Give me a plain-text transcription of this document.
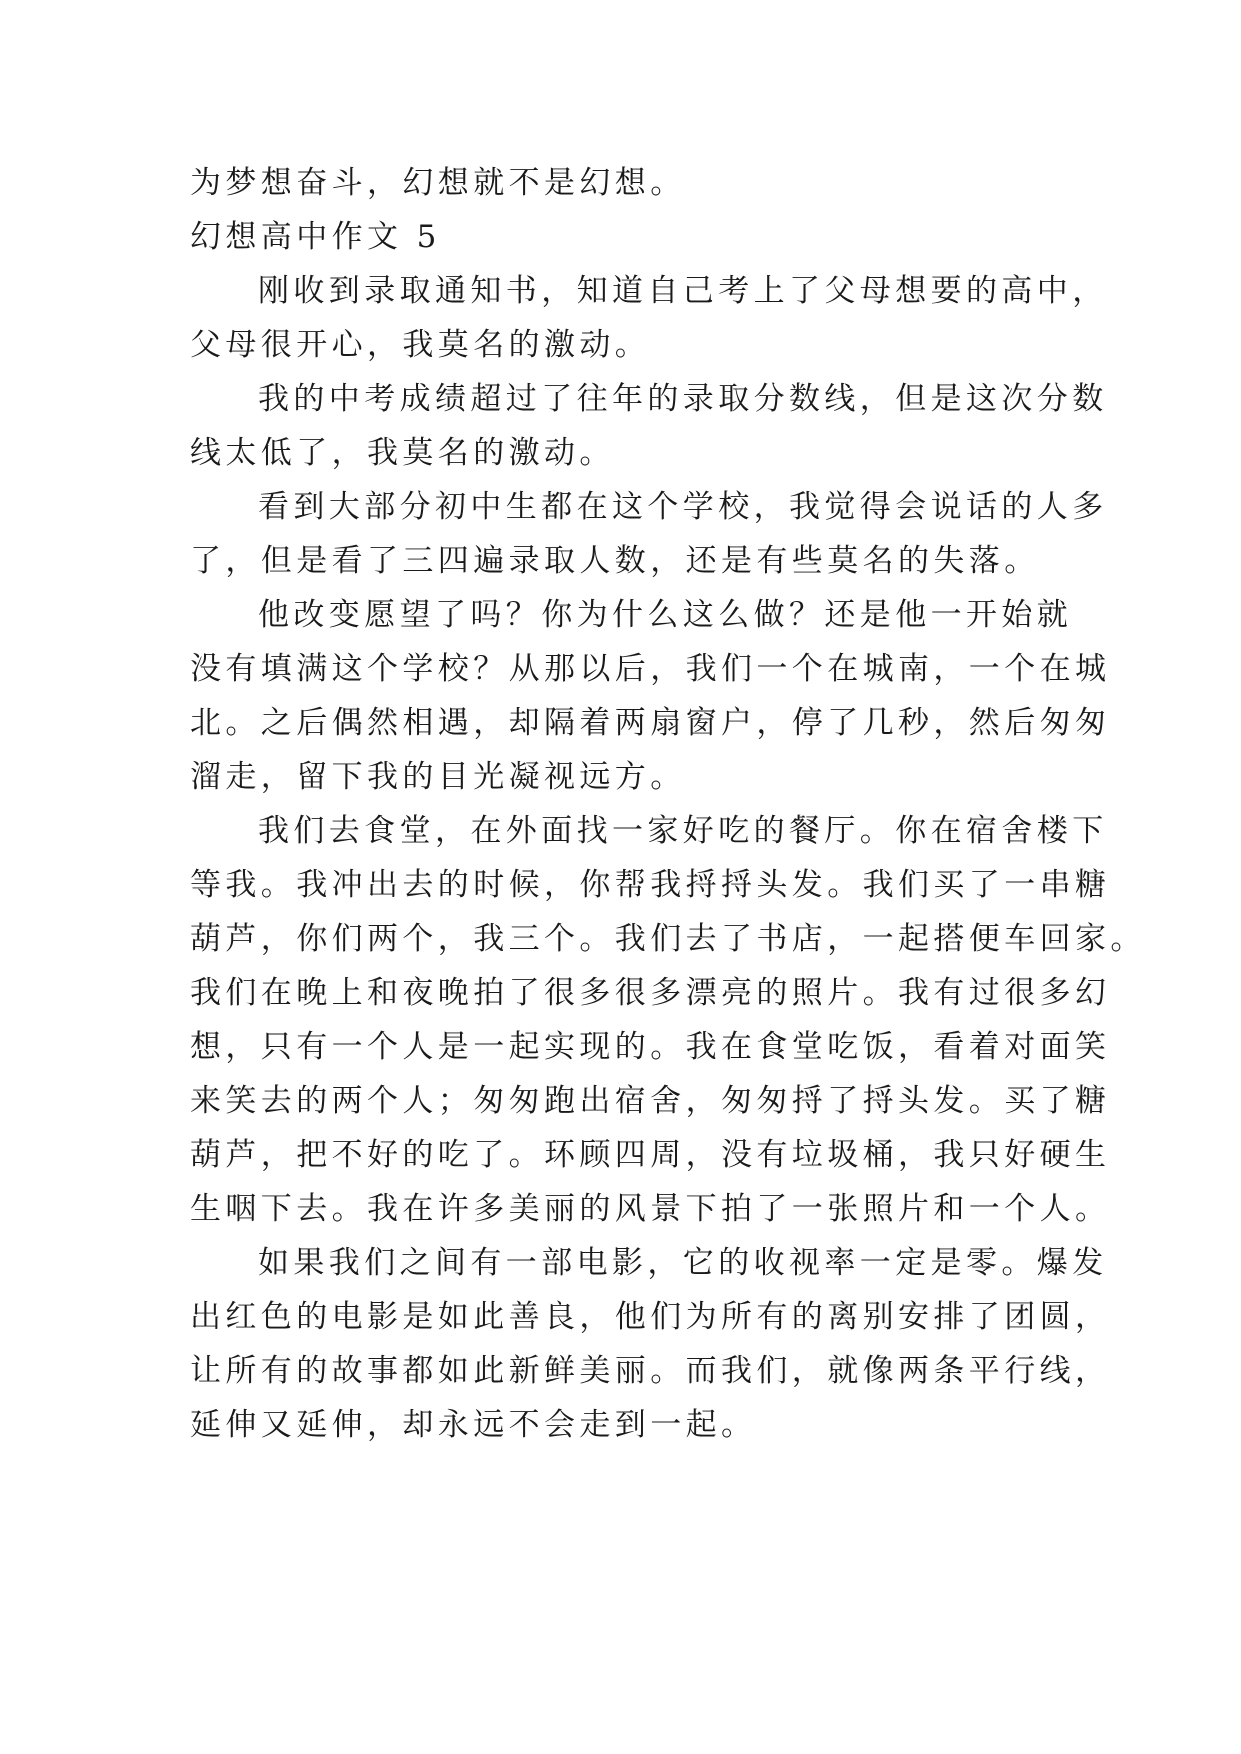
为梦想奋斗，幻想就不是幻想。
幻想高中作文 5
刚收到录取通知书，知道自己考上了父母想要的高中，
父母很开心，我莫名的激动。
我的中考成绩超过了往年的录取分数线，但是这次分数
线太低了，我莫名的激动。
看到大部分初中生都在这个学校，我觉得会说话的人多
了，但是看了三四遍录取人数，还是有些莫名的失落。
他改变愿望了吗？你为什么这么做？还是他一开始就
没有填满这个学校？从那以后，我们一个在城南，一个在城
北。之后偶然相遇，却隔着两扇窗户，停了几秒，然后匆匆
溜走，留下我的目光凝视远方。
我们去食堂，在外面找一家好吃的餐厅。你在宿舍楼下
等我。我冲出去的时候，你帮我捋捋头发。我们买了一串糖
葫芦，你们两个，我三个。我们去了书店，一起搭便车回家。
我们在晚上和夜晚拍了很多很多漂亮的照片。我有过很多幻
想，只有一个人是一起实现的。我在食堂吃饭，看着对面笑
来笑去的两个人；匆匆跑出宿舍，匆匆捋了捋头发。买了糖
葫芦，把不好的吃了。环顾四周，没有垃圾桶，我只好硬生
生咽下去。我在许多美丽的风景下拍了一张照片和一个人。
如果我们之间有一部电影，它的收视率一定是零。爆发
出红色的电影是如此善良，他们为所有的离别安排了团圆，
让所有的故事都如此新鲜美丽。而我们，就像两条平行线，
延伸又延伸，却永远不会走到一起。
